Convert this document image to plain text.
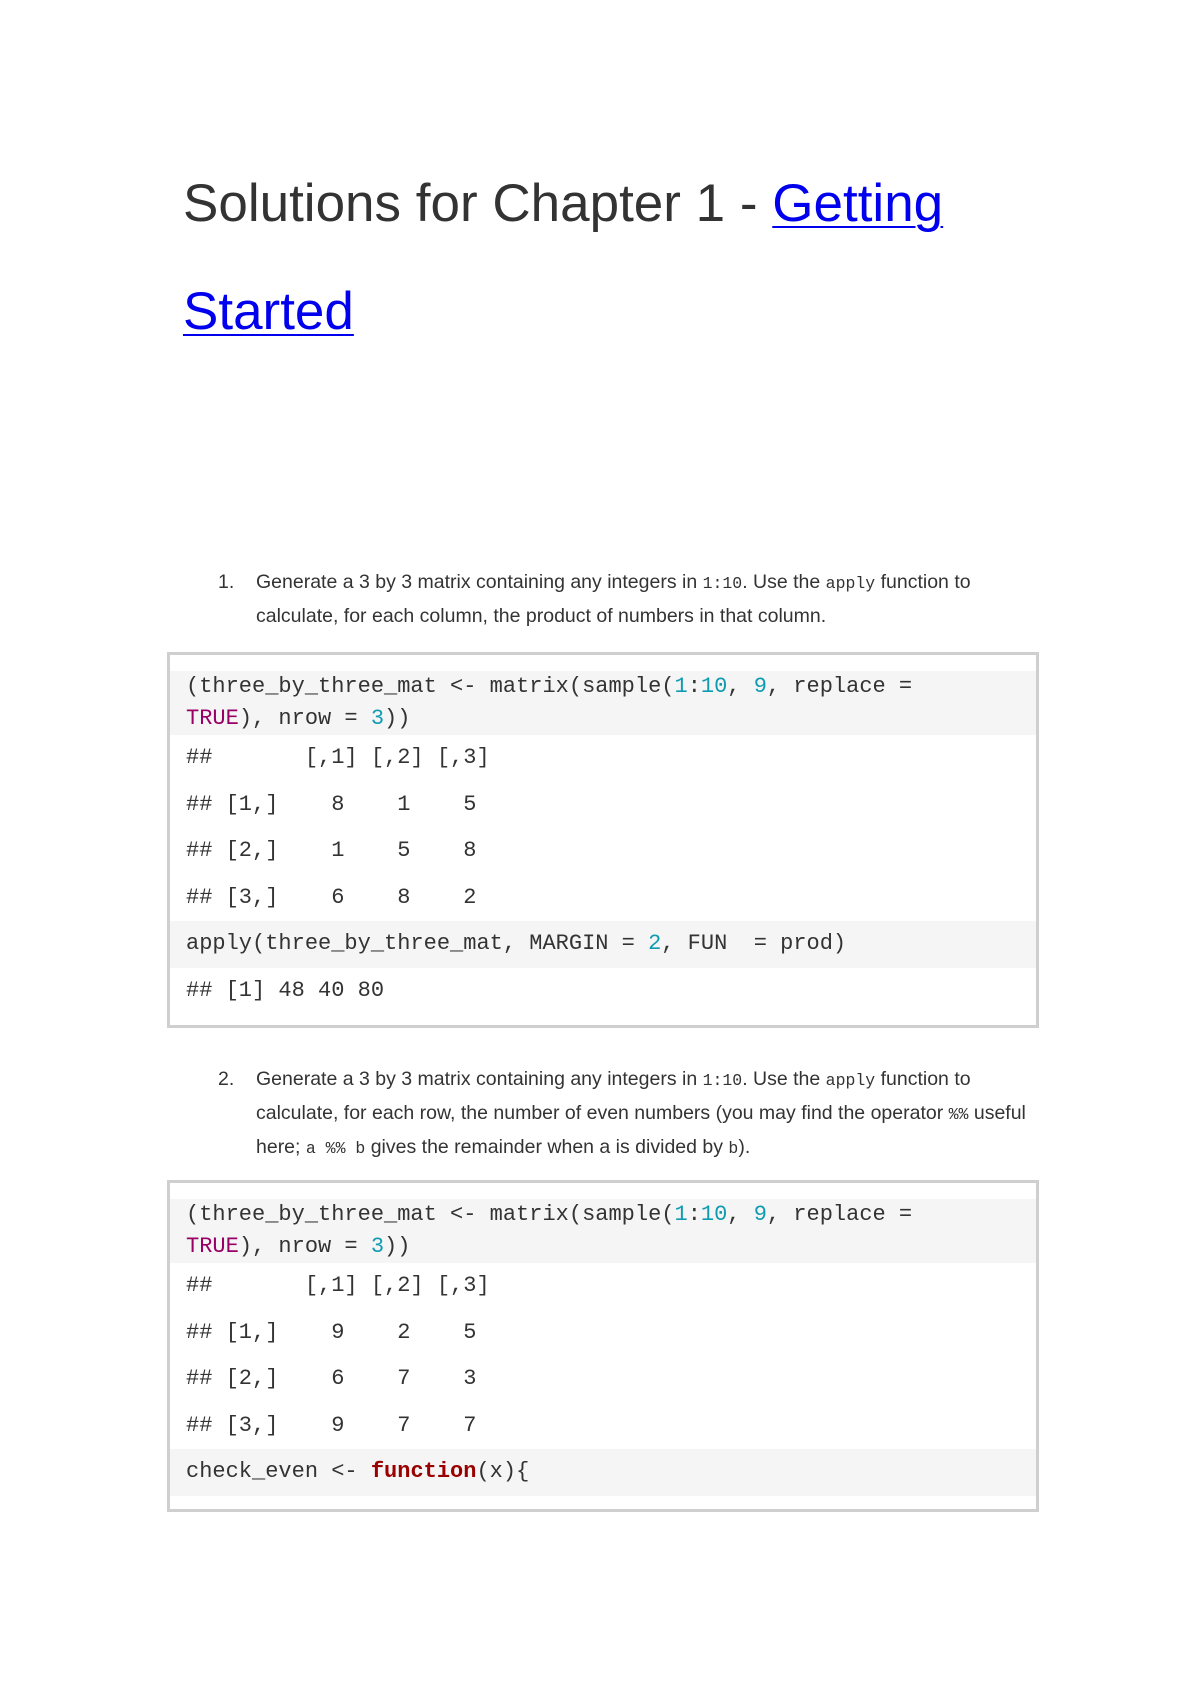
Solutions for Chapter 1 - Getting
Started
1.	Generate a 3 by 3 matrix containing any integers in 1:10. Use the apply function to calculate, for each column, the product of numbers in that column.
2.	Generate a 3 by 3 matrix containing any integers in 1:10. Use the apply function to calculate, for each row, the number of even numbers (you may find the operator %% useful here; a %% b gives the remainder when a is divided by b).
(three_by_three_mat <- matrix(sample(1:10, 9, replace =
TRUE), nrow = 3))
##       [,1] [,2] [,3]
## [1,]    8    1    5
## [2,]    1    5    8
## [3,]    6    8    2
apply(three_by_three_mat, MARGIN = 2, FUN  = prod)
## [1] 48 40 80
(three_by_three_mat <- matrix(sample(1:10, 9, replace =
TRUE), nrow = 3))
##       [,1] [,2] [,3]
## [1,]    9    2    5
## [2,]    6    7    3
## [3,]    9    7    7
check_even <- function(x){
